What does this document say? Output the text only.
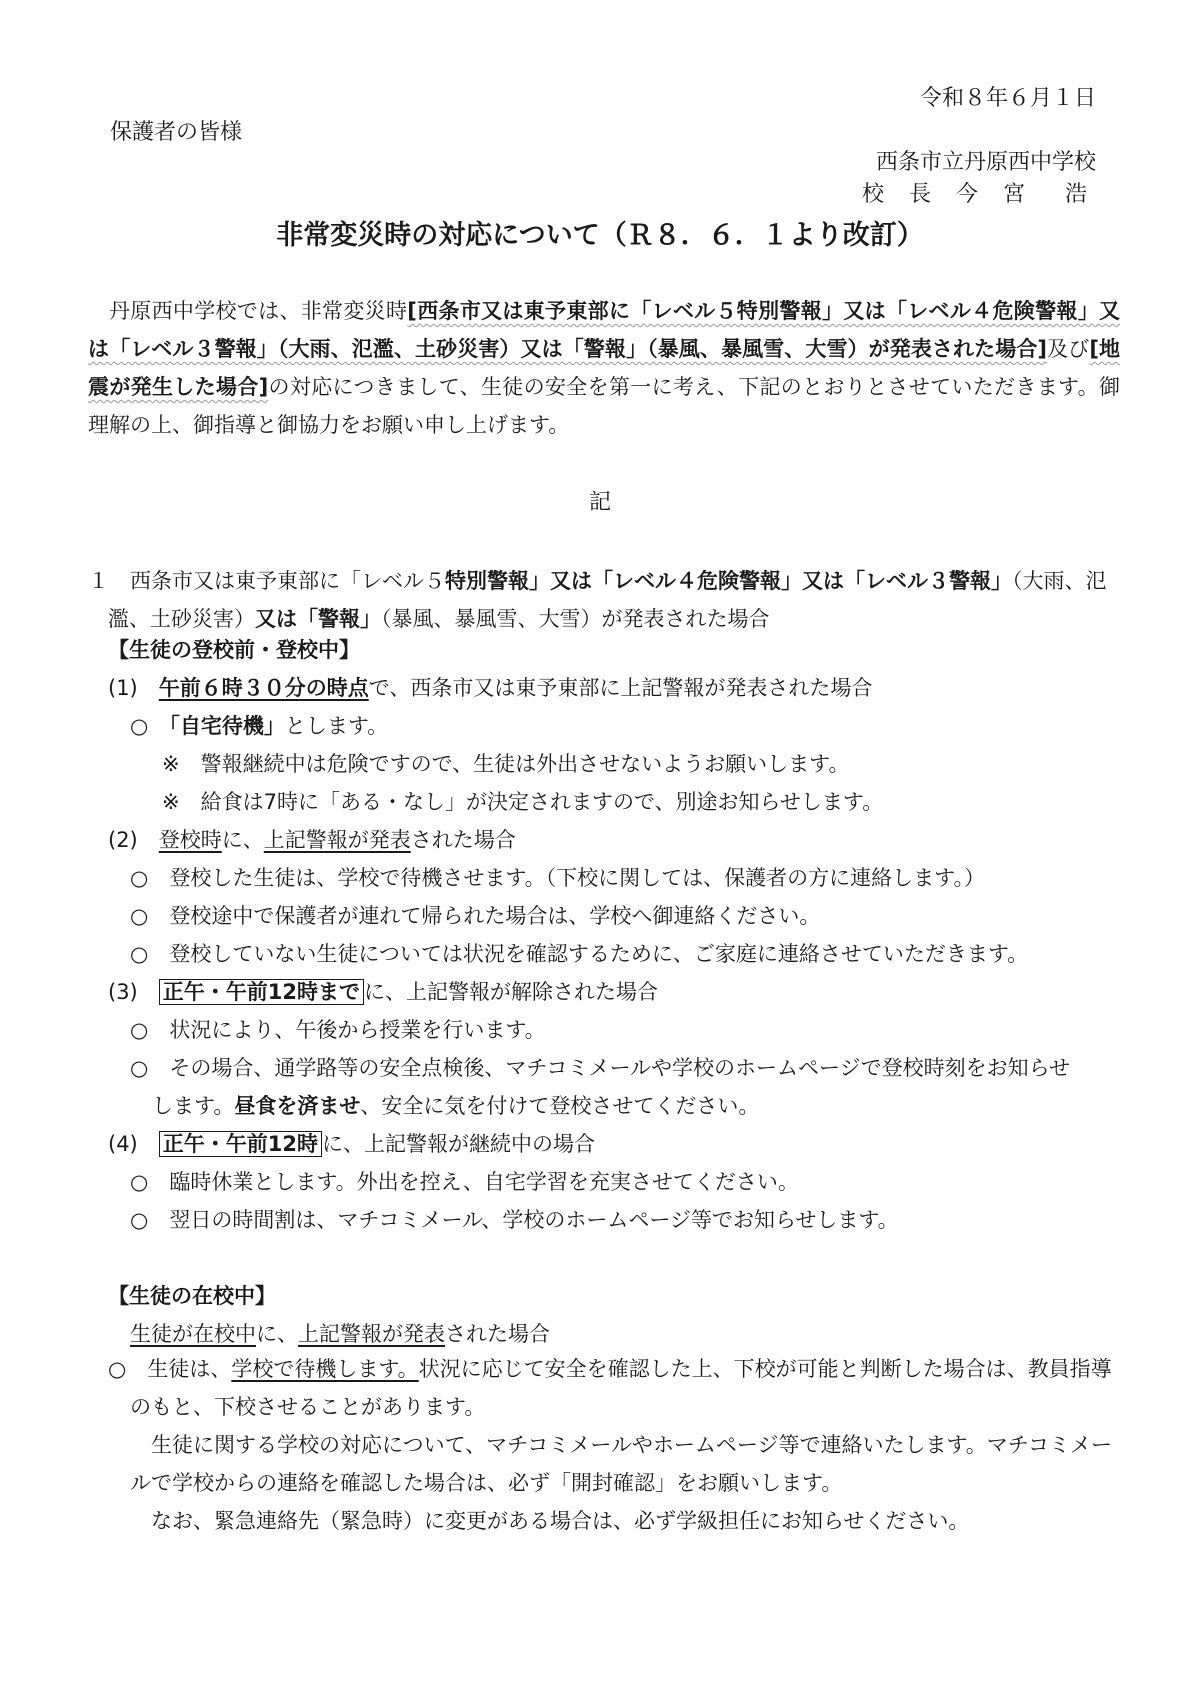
令和８年６月１日
保護者の皆様
西条市立丹原西中学校
校 長 今 宮　浩
非常変災時の対応について（Ｒ８．６．１より改訂）
丹原西中学校では、非常変災時[西条市又は東予東部に「レベル５特別警報」又は「レベル４危険警報」又は「レベル３警報」（大雨、氾濫、土砂災害）又は「警報」（暴風、暴風雪、大雪）が発表された場合]及び[地震が発生した場合]の対応につきまして、生徒の安全を第一に考え、下記のとおりとさせていただきます。御理解の上、御指導と御協力をお願い申し上げます。
記
１　西条市又は東予東部に「レベル５特別警報」又は「レベル４危険警報」又は「レベル３警報」（大雨、氾濫、土砂災害）又は「警報」（暴風、暴風雪、大雪）が発表された場合
【生徒の登校前・登校中】
(1)　 午前６時３０分の時点で、西条市又は東予東部に上記警報が発表された場合
○　 「自宅待機」とします。
※　警報継続中は危険ですので、生徒は外出させないようお願いします。
※　給食は7時に「ある・なし」が決定されますので、別途お知らせします。
(2)　 登校時に、上記警報が発表された場合
○　登校した生徒は、学校で待機させます。（下校に関しては、保護者の方に連絡します。）
○　登校途中で保護者が連れて帰られた場合は、学校へ御連絡ください。
○　登校していない生徒については状況を確認するために、ご家庭に連絡させていただきます。
(3)　 正午・午前12時まで に、上記警報が解除された場合
○　状況により、午後から授業を行います。
○　その場合、通学路等の安全点検後、マチコミメールや学校のホームページで登校時刻をお知らせ
します。昼食を済ませ、安全に気を付けて登校させてください。
(4)　 正午・午前12時 に、上記警報が継続中の場合
○　臨時休業とします。外出を控え、自宅学習を充実させてください。
○　翌日の時間割は、マチコミメール、学校のホームページ等でお知らせします。
【生徒の在校中】
生徒が在校中に、上記警報が発表された場合
○　生徒は、学校で待機します。状況に応じて安全を確認した上、下校が可能と判断した場合は、教員指導のもと、下校させることがあります。
生徒に関する学校の対応について、マチコミメールやホームページ等で連絡いたします。マチコミメールで学校からの連絡を確認した場合は、必ず「開封確認」をお願いします。
なお、緊急連絡先（緊急時）に変更がある場合は、必ず学級担任にお知らせください。
